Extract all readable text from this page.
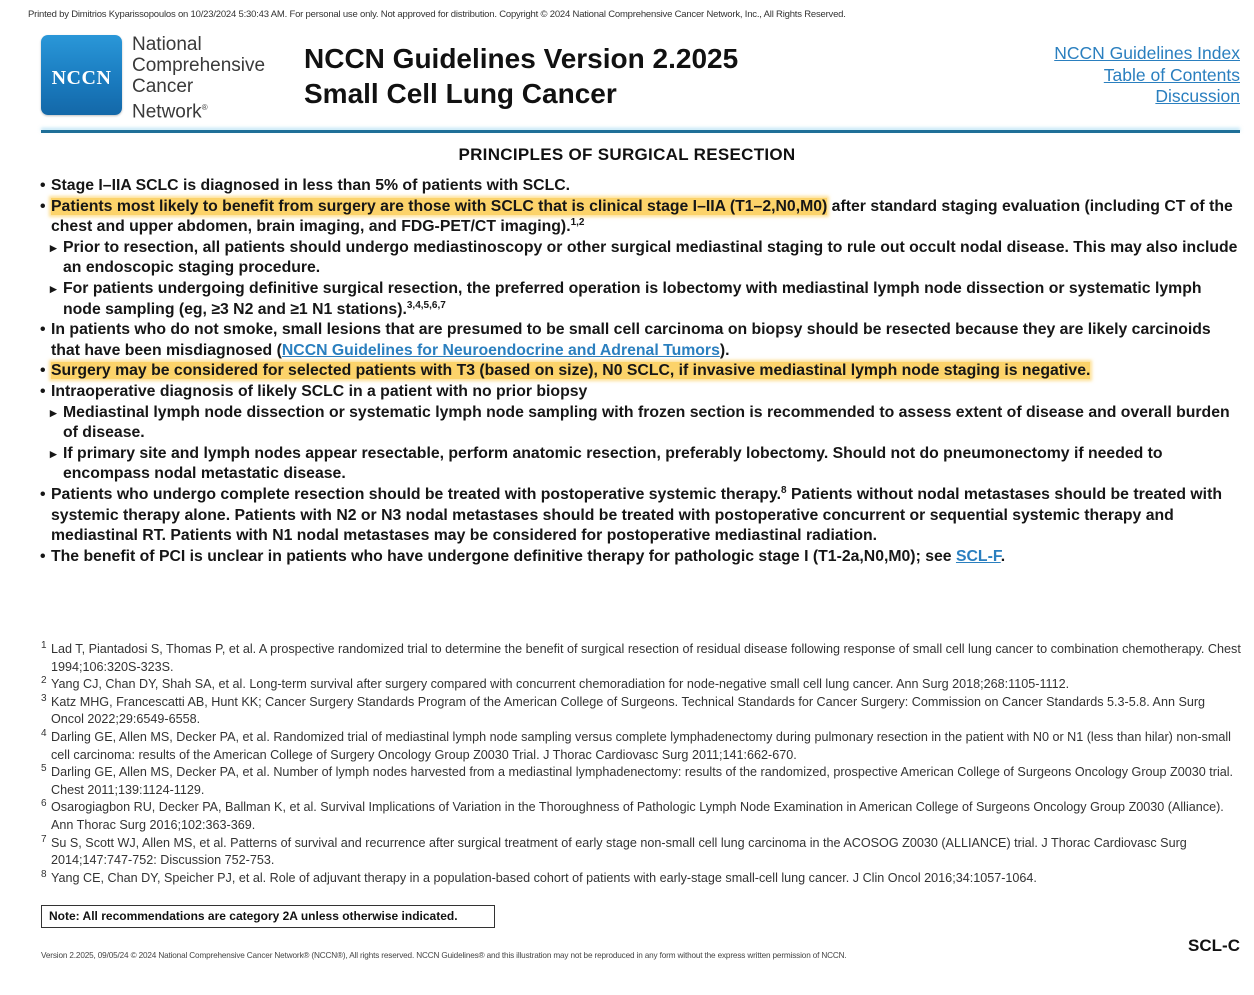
Printed by Dimitrios Kyparissopoulos on 10/23/2024 5:30:43 AM. For personal use only. Not approved for distribution. Copyright © 2024 National Comprehensive Cancer Network, Inc., All Rights Reserved.
NCCN
National
Comprehensive
Cancer
Network®
NCCN Guidelines Version 2.2025
Small Cell Lung Cancer
NCCN Guidelines Index
Table of Contents
Discussion
PRINCIPLES OF SURGICAL RESECTION

• Stage I–IIA SCLC is diagnosed in less than 5% of patients with SCLC.

• Patients most likely to benefit from surgery are those with SCLC that is clinical stage I–IIA (T1–2,N0,M0) after standard staging evaluation (including CT of the chest and upper abdomen, brain imaging, and FDG-PET/CT imaging).$^{1,2}$

▸ Prior to resection, all patients should undergo mediastinoscopy or other surgical mediastinal staging to rule out occult nodal disease. This may also include an endoscopic staging procedure.

▸ For patients undergoing definitive surgical resection, the preferred operation is lobectomy with mediastinal lymph node dissection or systematic lymph node sampling (eg, ≥3 N2 and ≥1 N1 stations).$^{3,4,5,6,7}$

• In patients who do not smoke, small lesions that are presumed to be small cell carcinoma on biopsy should be resected because they are likely carcinoids that have been misdiagnosed (NCCN Guidelines for Neuroendocrine and Adrenal Tumors).

• Surgery may be considered for selected patients with T3 (based on size), N0 SCLC, if invasive mediastinal lymph node staging is negative.

• Intraoperative diagnosis of likely SCLC in a patient with no prior biopsy

▸ Mediastinal lymph node dissection or systematic lymph node sampling with frozen section is recommended to assess extent of disease and overall burden of disease.

▸ If primary site and lymph nodes appear resectable, perform anatomic resection, preferably lobectomy. Should not do pneumonectomy if needed to encompass nodal metastatic disease.

• Patients who undergo complete resection should be treated with postoperative systemic therapy.$^8$ Patients without nodal metastases should be treated with systemic therapy alone. Patients with N2 or N3 nodal metastases should be treated with postoperative concurrent or sequential systemic therapy and mediastinal RT. Patients with N1 nodal metastases may be considered for postoperative mediastinal radiation.

• The benefit of PCI is unclear in patients who have undergone definitive therapy for pathologic stage I (T1-2a,N0,M0); see SCL-F.

1 Lad T, Piantadosi S, Thomas P, et al. A prospective randomized trial to determine the benefit of surgical resection of residual disease following response of small cell lung cancer to combination chemotherapy. Chest 1994;106:320S-323S.

2 Yang CJ, Chan DY, Shah SA, et al. Long-term survival after surgery compared with concurrent chemoradiation for node-negative small cell lung cancer. Ann Surg 2018;268:1105-1112.

3 Katz MHG, Francescatti AB, Hunt KK; Cancer Surgery Standards Program of the American College of Surgeons. Technical Standards for Cancer Surgery: Commission on Cancer Standards 5.3-5.8. Ann Surg Oncol 2022;29:6549-6558.

4 Darling GE, Allen MS, Decker PA, et al. Randomized trial of mediastinal lymph node sampling versus complete lymphadenectomy during pulmonary resection in the patient with N0 or N1 (less than hilar) non-small cell carcinoma: results of the American College of Surgery Oncology Group Z0030 Trial. J Thorac Cardiovasc Surg 2011;141:662-670.

5 Darling GE, Allen MS, Decker PA, et al. Number of lymph nodes harvested from a mediastinal lymphadenectomy: results of the randomized, prospective American College of Surgeons Oncology Group Z0030 trial. Chest 2011;139:1124-1129.

6 Osarogiagbon RU, Decker PA, Ballman K, et al. Survival Implications of Variation in the Thoroughness of Pathologic Lymph Node Examination in American College of Surgeons Oncology Group Z0030 (Alliance). Ann Thorac Surg 2016;102:363-369.

7 Su S, Scott WJ, Allen MS, et al. Patterns of survival and recurrence after surgical treatment of early stage non-small cell lung carcinoma in the ACOSOG Z0030 (ALLIANCE) trial. J Thorac Cardiovasc Surg 2014;147:747-752: Discussion 752-753.

8 Yang CE, Chan DY, Speicher PJ, et al. Role of adjuvant therapy in a population-based cohort of patients with early-stage small-cell lung cancer. J Clin Oncol 2016;34:1057-1064.

Note: All recommendations are category 2A unless otherwise indicated.
Version 2.2025, 09/05/24 © 2024 National Comprehensive Cancer Network® (NCCN®), All rights reserved. NCCN Guidelines® and this illustration may not be reproduced in any form without the express written permission of NCCN.
SCL-C
